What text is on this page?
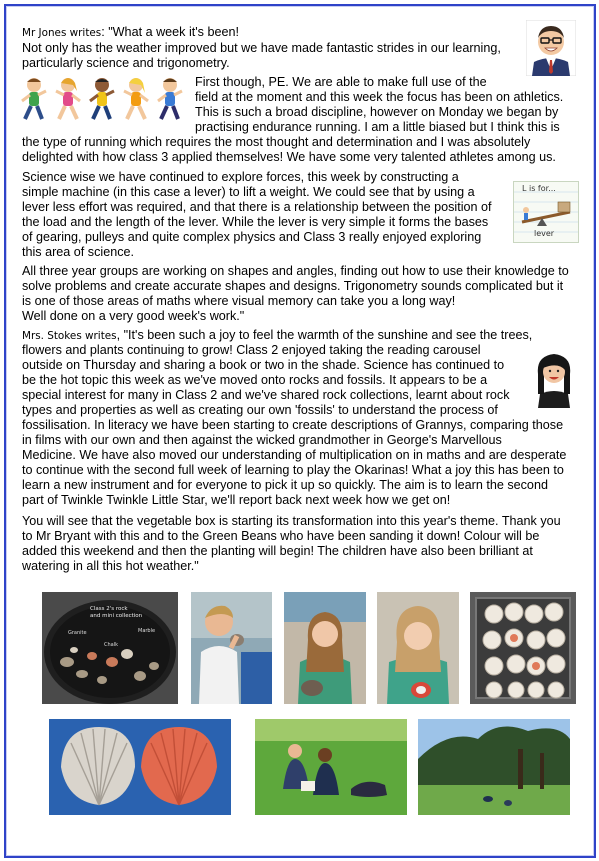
Mr Jones writes: "What a week it's been!

Not only has the weather improved but we have made fantastic strides in our learning, particularly science and trigonometry.

First though, PE. We are able to make full use of the
field at the moment and this week the focus has been on athletics.
This is such a broad discipline, however on Monday we began by
practising endurance running. I am a little biased but I think this is
the type of running which requires the most thought and determination and I was absolutely
delighted with how class 3 applied themselves! We have some very talented athletes among us.

Science wise we have continued to explore forces, this week by constructing a
simple machine (in this case a lever) to lift a weight. We could see that by using a
lever less effort was required, and that there is a relationship between the position of
the load and the length of the lever. While the lever is very simple it forms the bases
of gearing, pulleys and quite complex physics and Class 3 really enjoyed exploring
this area of science.

L is for...
lever

All three year groups are working on shapes and angles, finding out how to use their knowledge to
solve problems and create accurate shapes and designs. Trigonometry sounds complicated but it
is one of those areas of maths where visual memory can take you a long way!
Well done on a very good week's work."

Mrs. Stokes writes, "It's been such a joy to feel the warmth of the sunshine and see the trees,
flowers and plants continuing to grow! Class 2 enjoyed taking the reading carousel
outside on Thursday and sharing a book or two in the shade. Science has continued to
be the hot topic this week as we've moved onto rocks and fossils. It appears to be a
special interest for many in Class 2 and we've shared rock collections, learnt about rock
types and properties as well as creating our own 'fossils' to understand the process of
fossilisation. In literacy we have been starting to create descriptions of Grannys, comparing those
in films with our own and then against the wicked grandmother in George's Marvellous
Medicine. We have also moved our understanding of multiplication on in maths and are desperate
to continue with the second full week of learning to play the Okarinas! What a joy this has been to
learn a new instrument and for everyone to pick it up so quickly. The aim is to learn the second
part of Twinkle Twinkle Little Star, we'll report back next week how we get on!

You will see that the vegetable box is starting its transformation into this year's theme. Thank you
to Mr Bryant with this and to the Green Beans who have been sanding it down! Colour will be
added this weekend and then the planting will begin! The children have also been brilliant at
watering in all this hot weather."

Class 2's rock
and mini collection
Granite	Marble
Chalk
